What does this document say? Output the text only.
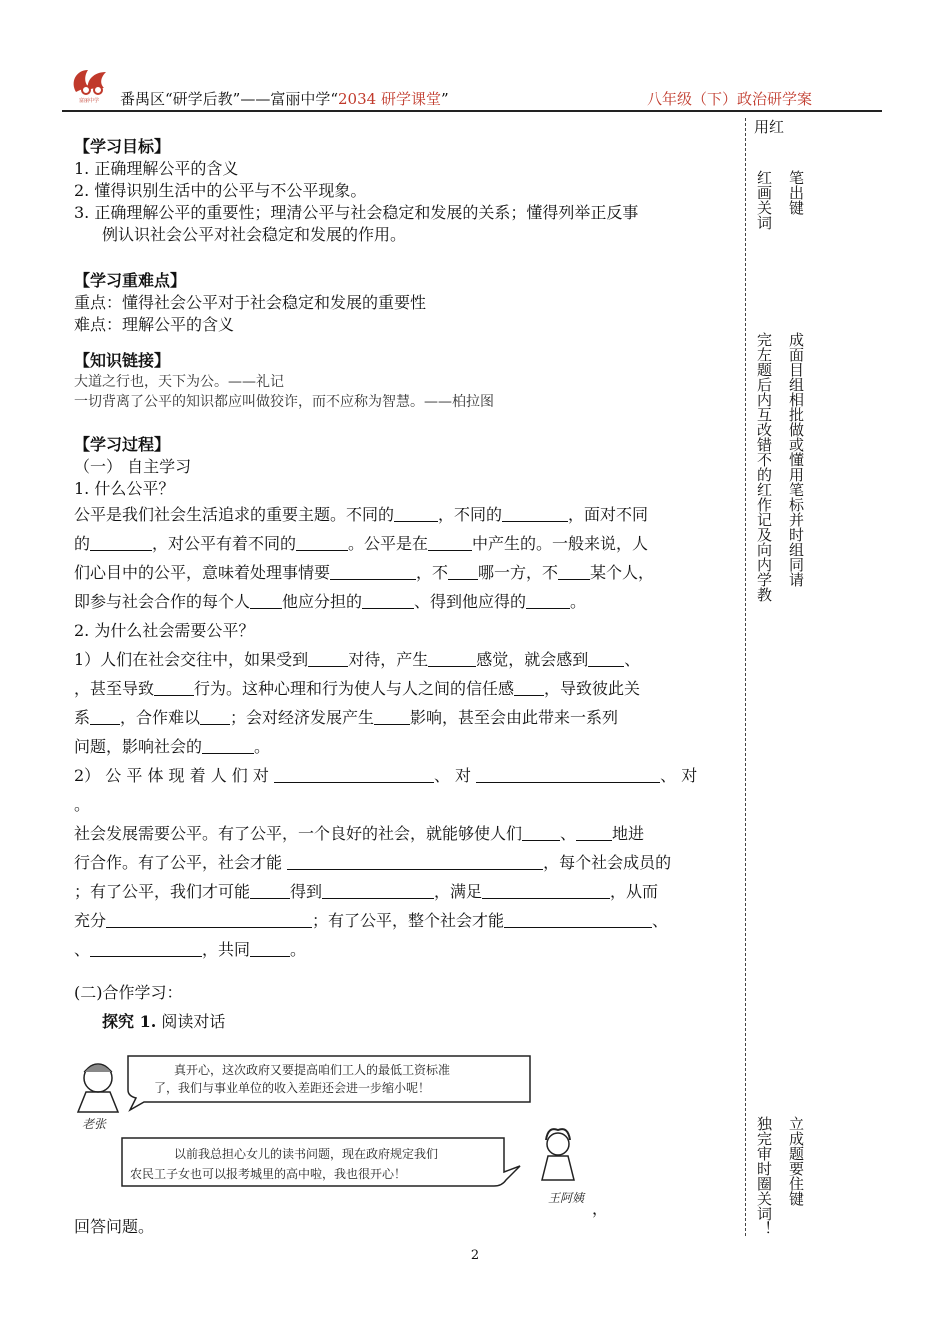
富丽中学 番禺区“研学后教”——富丽中学“2034 研学课堂”	八年级（下）政治研学案
用红
笔出键
红画关词
成面目组相批做或懂用笔标并时组同请
完左题后内互改错不的红作记及向内学教
立成题要住键
独完审时圈关词！

【学习目标】

1. 正确理解公平的含义

2. 懂得识别生活中的公平与不公平现象。

3. 正确理解公平的重要性；理清公平与社会稳定和发展的关系；懂得列举正反事

例认识社会公平对社会稳定和发展的作用。

【学习重难点】

重点：懂得社会公平对于社会稳定和发展的重要性

难点：理解公平的含义

【知识链接】

大道之行也，天下为公。——礼记

一切背离了公平的知识都应叫做狡诈，而不应称为智慧。——柏拉图

【学习过程】

（一） 自主学习

1. 什么公平？

公平是我们社会生活追求的重要主题。不同的	，不同的	，面对不同
的	，对公平有着不同的	。公平是在	中产生的。一般来说，人
们心目中的公平，意味着处理事情要	，不 哪一方，不 某个人，
即参与社会合作的每个人 他应分担的	、得到他应得的	。

2. 为什么社会需要公平？

1）人们在社会交往中，如果受到	对待，产生	感觉，就会感到 、
，甚至导致	行为。这种心理和行为使人与人之间的信任感 ，导致彼此关
系 ，合作难以 ；会对经济发展产生 影响，甚至会由此带来一系列
问题，影响社会的	。

2） 公 平 体 现 着 人 们 对	、 对	、 对
。

社会发展需要公平。有了公平，一个良好的社会，就能够使人们 、 地进
行合作。有了公平，社会才能	，每个社会成员的
；有了公平，我们才可能	得到	，满足	，从而
充分	；有了公平，整个社会才能	、
、	，共同	。

(二)合作学习：

探究 1. 阅读对话

老张
真开心，这次政府又要提高咱们工人的最低工资标准
了，我们与事业单位的收入差距还会进一步缩小呢！
以前我总担心女儿的读书问题，现在政府规定我们
农民工子女也可以报考城里的高中啦，我也很开心！
王阿姨
，
回答问题。
2
